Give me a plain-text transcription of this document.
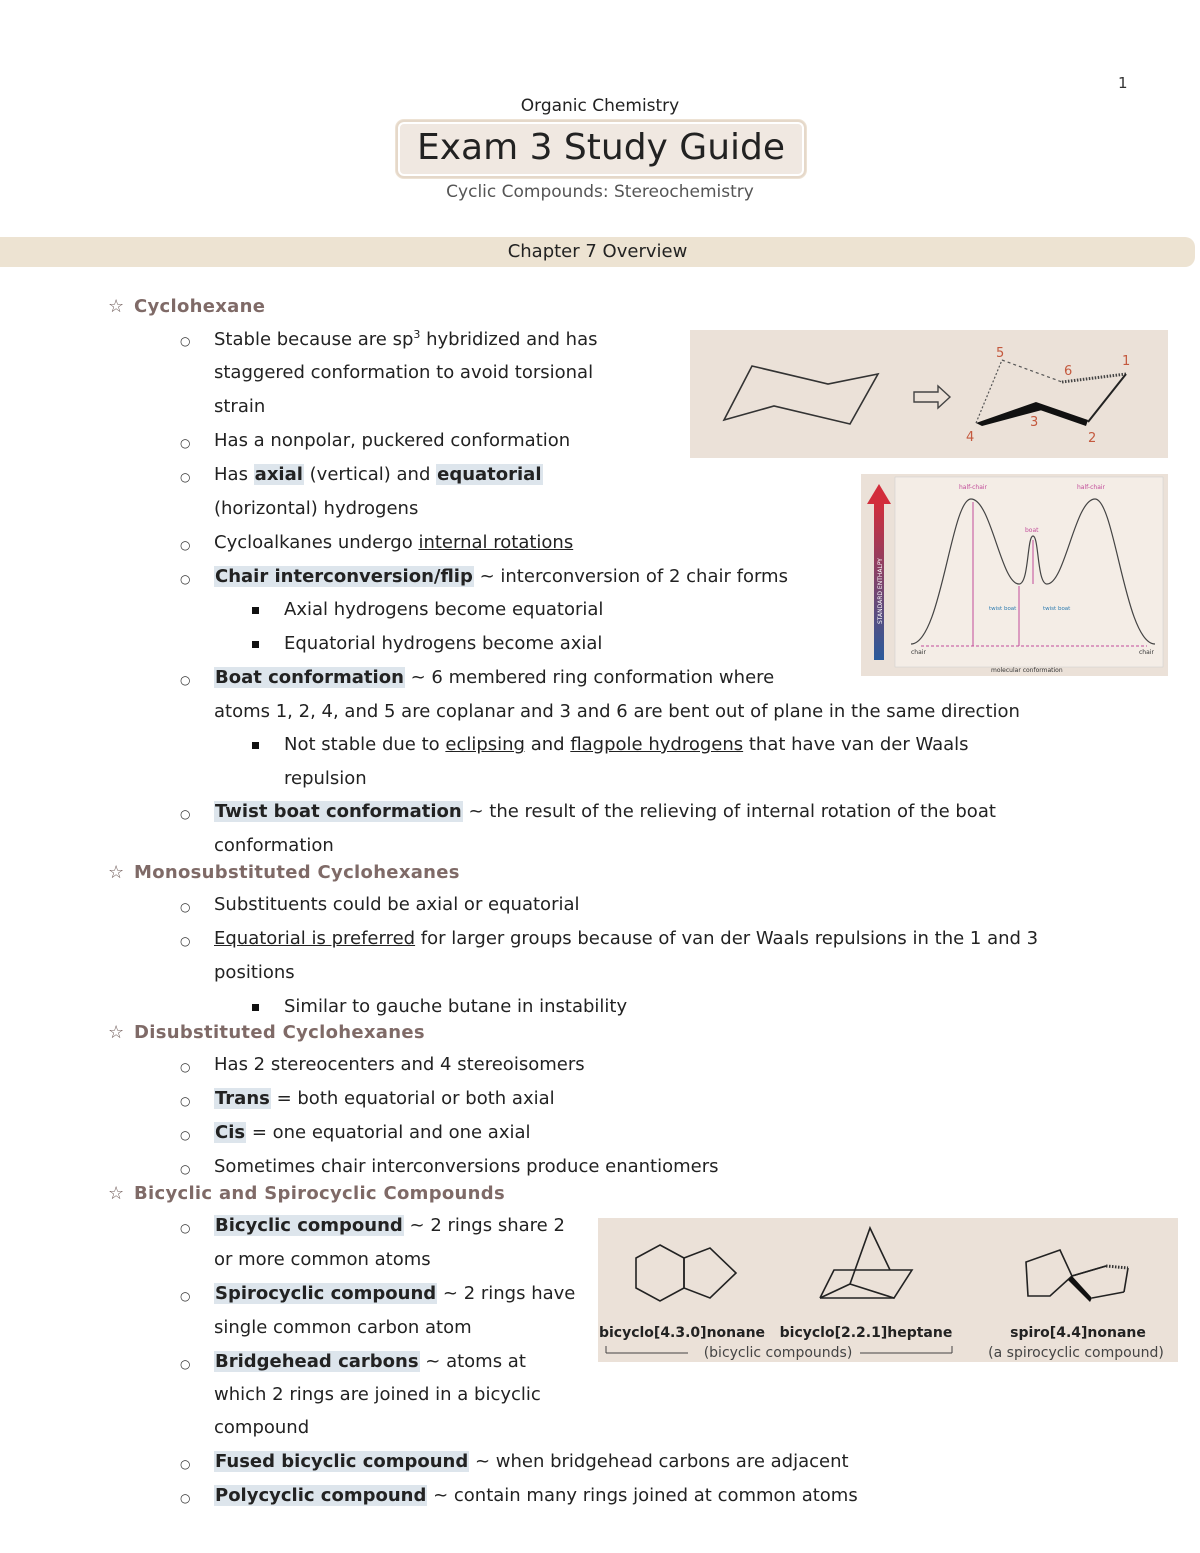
1
Organic Chemistry
Exam 3 Study Guide
Cyclic Compounds: Stereochemistry
Chapter 7 Overview
☆ Cyclohexane
○ Stable because are $sp^3$ hybridized and has
staggered conformation to avoid torsional
strain
○ Has a nonpolar, puckered conformation
○ Has axial (vertical) and equatorial
(horizontal) hydrogens
○ Cycloalkanes undergo internal rotations
○ Chair interconversion/flip ~ interconversion of 2 chair forms
Axial hydrogens become equatorial
Equatorial hydrogens become axial
○ Boat conformation ~ 6 membered ring conformation where
atoms 1, 2, 4, and 5 are coplanar and 3 and 6 are bent out of plane in the same direction
Not stable due to eclipsing and flagpole hydrogens that have van der Waals
repulsion
○ Twist boat conformation ~ the result of the relieving of internal rotation of the boat
conformation
☆ Monosubstituted Cyclohexanes
○ Substituents could be axial or equatorial
○ Equatorial is preferred for larger groups because of van der Waals repulsions in the 1 and 3
positions
Similar to gauche butane in instability
☆ Disubstituted Cyclohexanes
○ Has 2 stereocenters and 4 stereoisomers
○ Trans = both equatorial or both axial
○ Cis = one equatorial and one axial
○ Sometimes chair interconversions produce enantiomers
☆ Bicyclic and Spirocyclic Compounds
○ Bicyclic compound ~ 2 rings share 2
or more common atoms
○ Spirocyclic compound ~ 2 rings have
single common carbon atom
○ Bridgehead carbons ~ atoms at
which 2 rings are joined in a bicyclic
compound
○ Fused bicyclic compound ~ when bridgehead carbons are adjacent
○ Polycyclic compound ~ contain many rings joined at common atoms
5
6
1
4
3
2
STANDARD ENTHALPY
half-chair	half-chair
boat
twist boat	twist boat
chair	chair
molecular conformation
bicyclo[4.3.0]nonane bicyclo[2.2.1]heptane	spiro[4.4]nonane
(bicyclic compounds)	(a spirocyclic compound)
